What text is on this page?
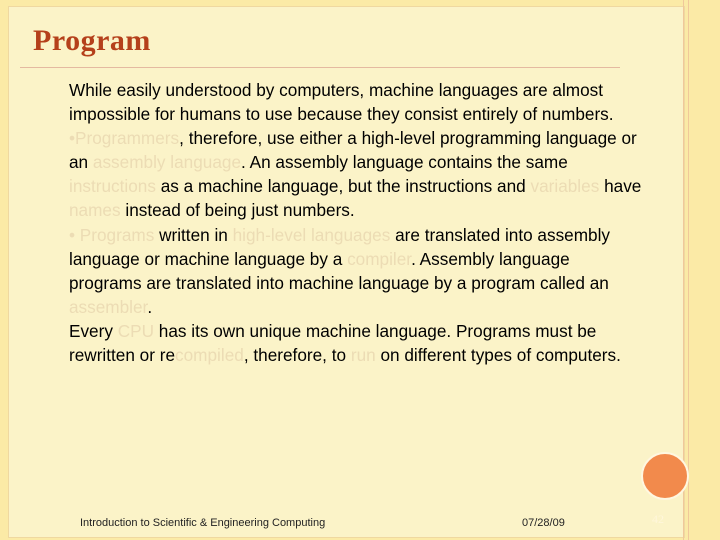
Program

While easily understood by computers, machine languages are almost impossible for humans to use because they consist entirely of numbers.

•Programmers, therefore, use either a high-level programming language or an assembly language. An assembly language contains the same instructions as a machine language, but the instructions and variables have names instead of being just numbers.

• Programs written in high-level languages are translated into assembly language or machine language by a compiler. Assembly language programs are translated into machine language by a program called an assembler.

Every CPU has its own unique machine language. Programs must be rewritten or recompiled, therefore, to run on different types of computers.

Introduction to Scientific & Engineering Computing	07/28/09	42
